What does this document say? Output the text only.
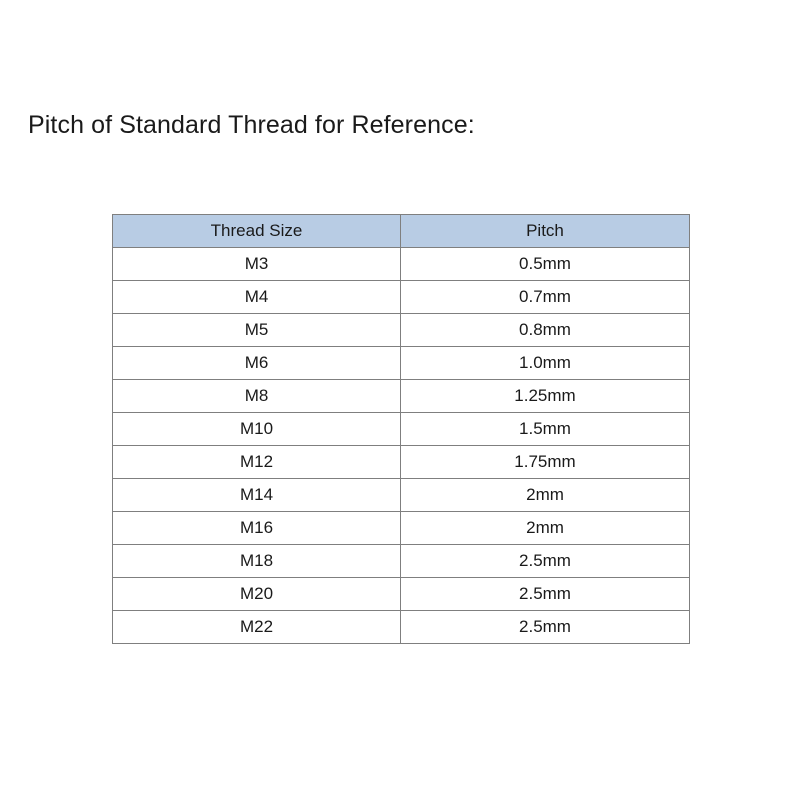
Pitch of Standard Thread for Reference:
Thread Size	Pitch
M3	0.5mm
M4	0.7mm
M5	0.8mm
M6	1.0mm
M8	1.25mm
M10	1.5mm
M12	1.75mm
M14	2mm
M16	2mm
M18	2.5mm
M20	2.5mm
M22	2.5mm
